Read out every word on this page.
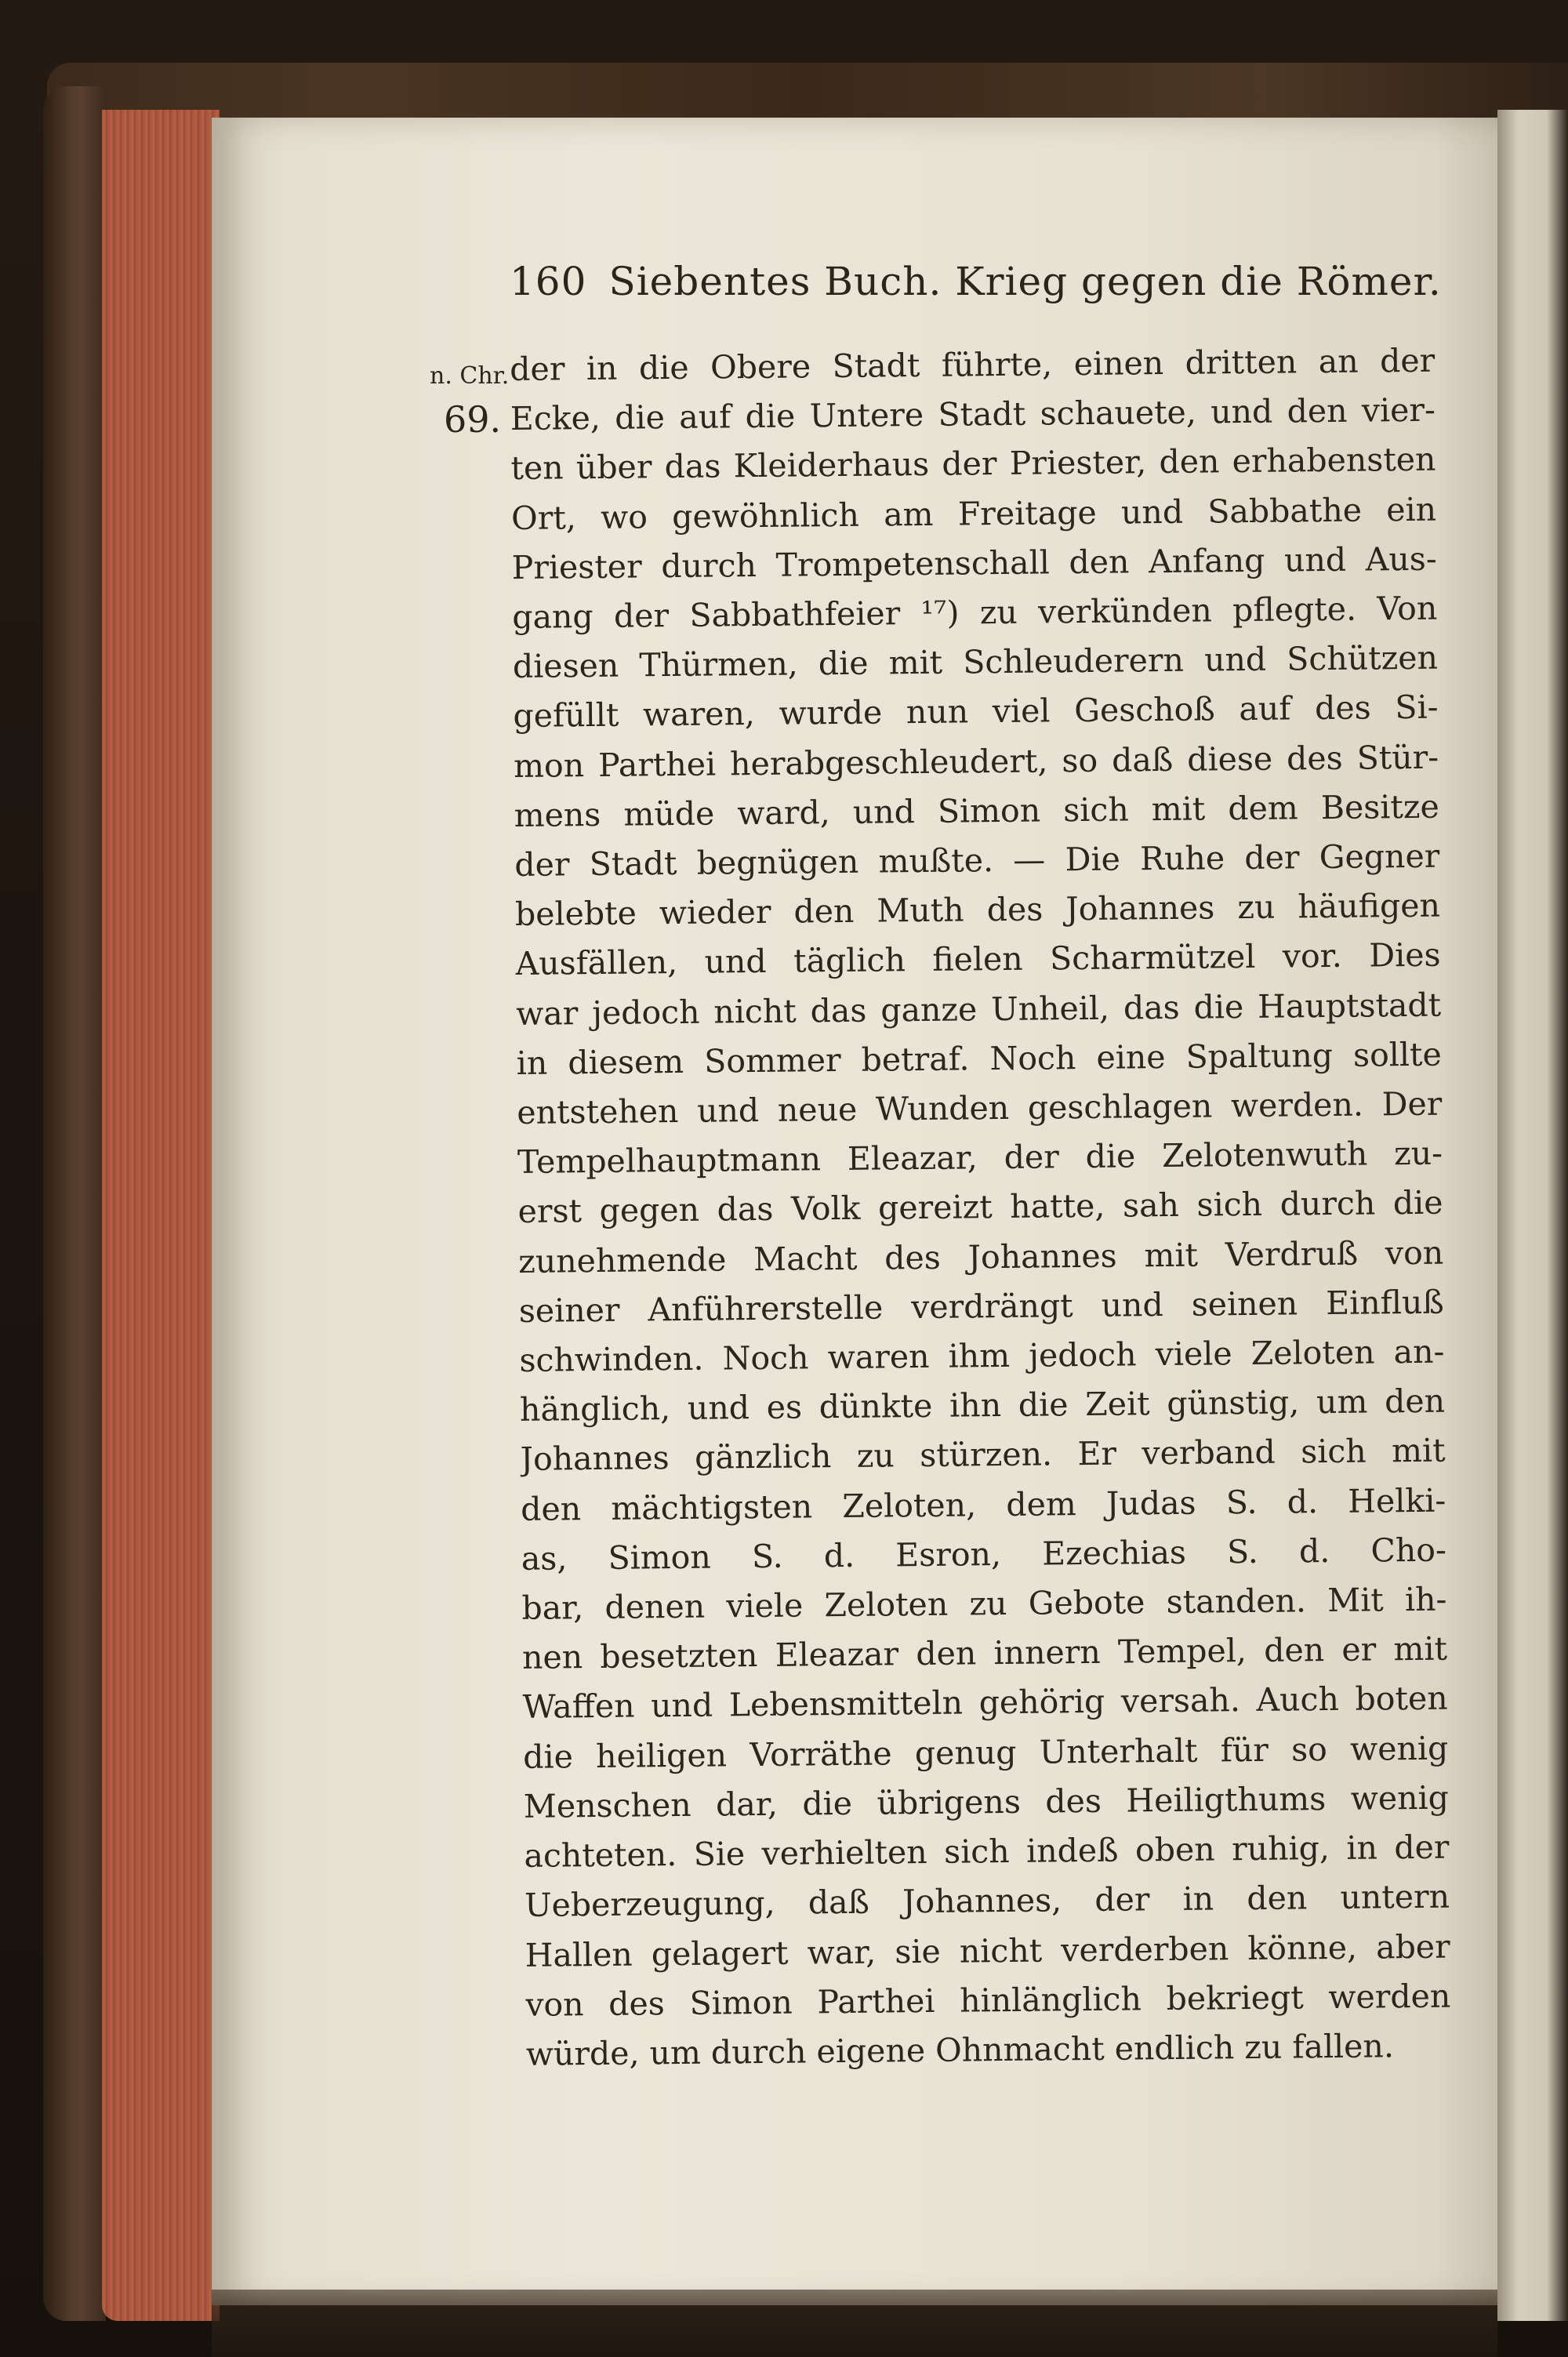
160 Siebentes Buch. Krieg gegen die Römer.
n. Chr.
69.
der in die Obere Stadt führte, einen dritten an der
Ecke, die auf die Untere Stadt schauete, und den vier-
ten über das Kleiderhaus der Priester, den erhabensten
Ort, wo gewöhnlich am Freitage und Sabbathe ein
Priester durch Trompetenschall den Anfang und Aus-
gang der Sabbathfeier ¹⁷) zu verkünden pflegte. Von
diesen Thürmen, die mit Schleuderern und Schützen
gefüllt waren, wurde nun viel Geschoß auf des Si-
mon Parthei herabgeschleudert, so daß diese des Stür-
mens müde ward, und Simon sich mit dem Besitze
der Stadt begnügen mußte. — Die Ruhe der Gegner
belebte wieder den Muth des Johannes zu häufigen
Ausfällen, und täglich fielen Scharmützel vor. Dies
war jedoch nicht das ganze Unheil, das die Hauptstadt
in diesem Sommer betraf. Noch eine Spaltung sollte
entstehen und neue Wunden geschlagen werden. Der
Tempelhauptmann Eleazar, der die Zelotenwuth zu-
erst gegen das Volk gereizt hatte, sah sich durch die
zunehmende Macht des Johannes mit Verdruß von
seiner Anführerstelle verdrängt und seinen Einfluß
schwinden. Noch waren ihm jedoch viele Zeloten an-
hänglich, und es dünkte ihn die Zeit günstig, um den
Johannes gänzlich zu stürzen. Er verband sich mit
den mächtigsten Zeloten, dem Judas S. d. Helki-
as, Simon S. d. Esron, Ezechias S. d. Cho-
bar, denen viele Zeloten zu Gebote standen. Mit ih-
nen besetzten Eleazar den innern Tempel, den er mit
Waffen und Lebensmitteln gehörig versah. Auch boten
die heiligen Vorräthe genug Unterhalt für so wenig
Menschen dar, die übrigens des Heiligthums wenig
achteten. Sie verhielten sich indeß oben ruhig, in der
Ueberzeugung, daß Johannes, der in den untern
Hallen gelagert war, sie nicht verderben könne, aber
von des Simon Parthei hinlänglich bekriegt werden
würde, um durch eigene Ohnmacht endlich zu fallen.
